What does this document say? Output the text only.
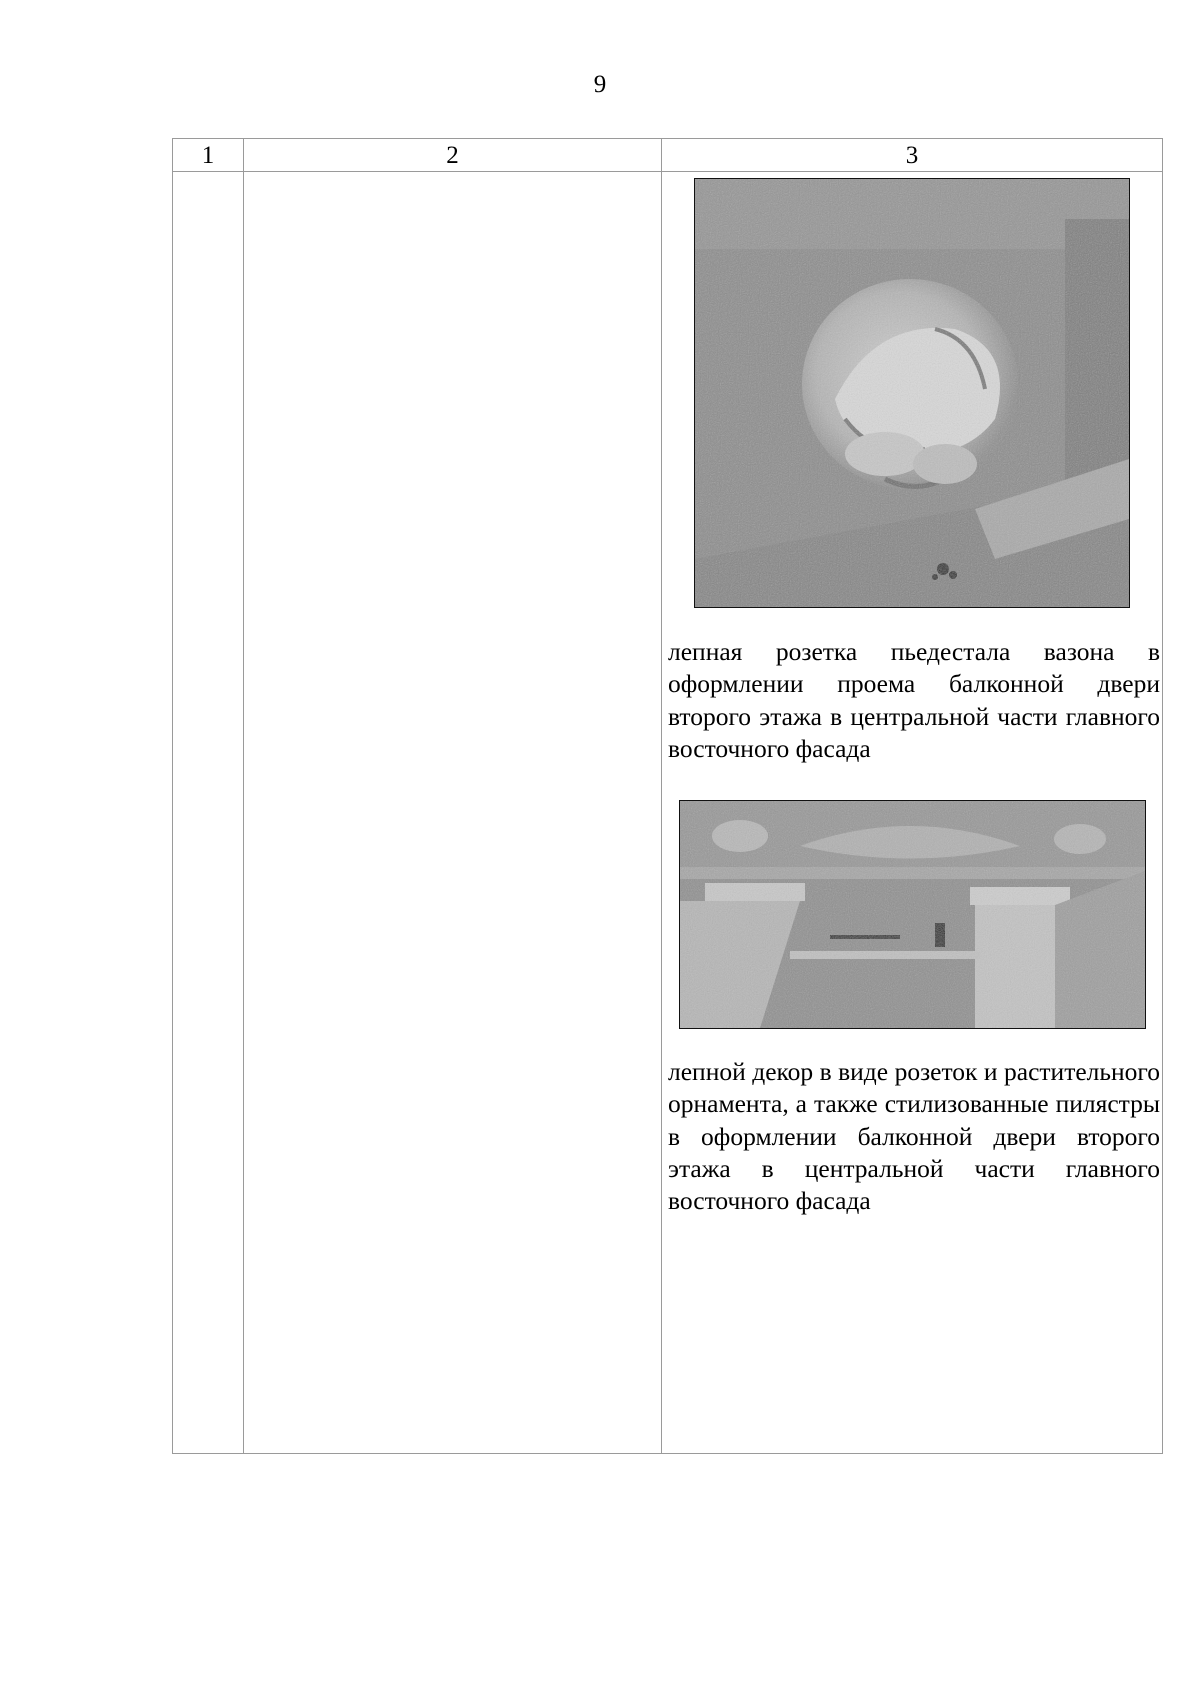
9
1	2	3

		лепная розетка пьедестала вазона в оформлении проема балконной двери второго этажа в центральной части главного восточного фасада
лепной декор в виде розеток и растительного орнамента, а также стилизованные пилястры в оформлении балконной двери второго этажа в центральной части главного восточного фасада
